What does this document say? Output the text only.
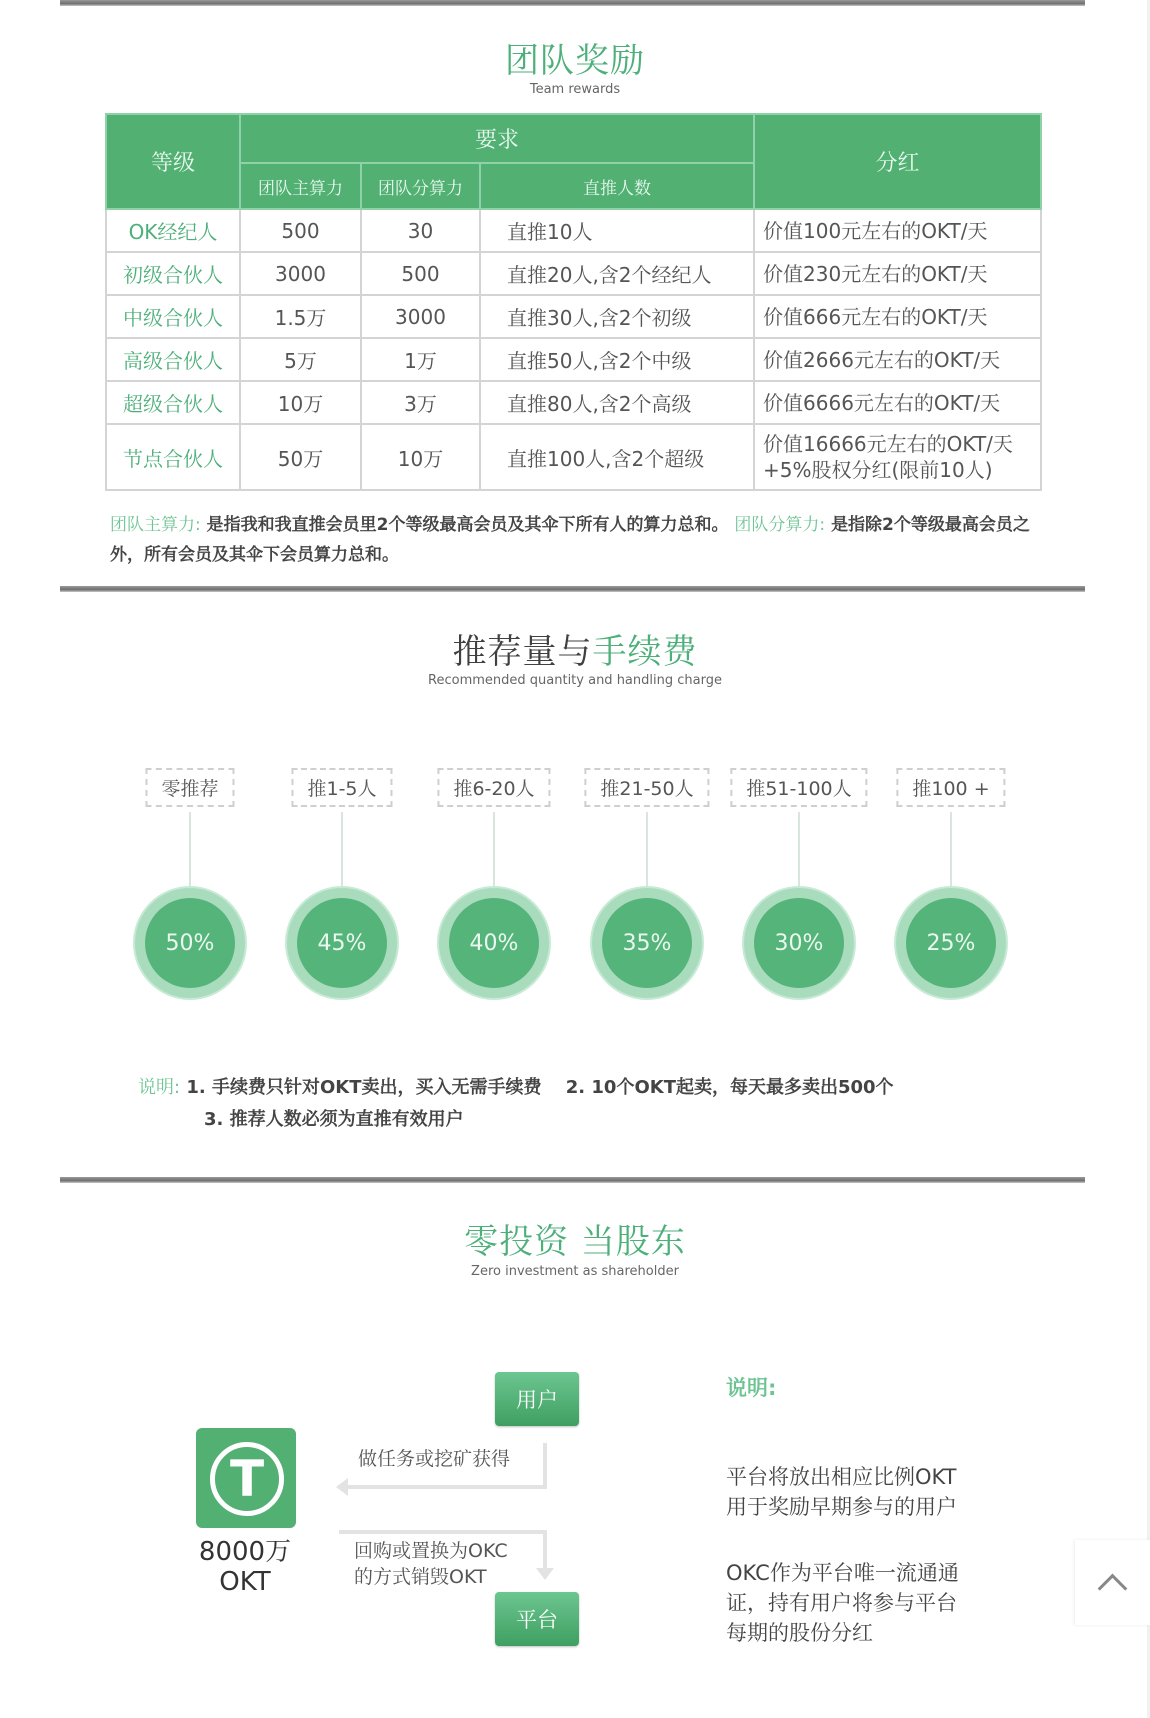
团队奖励
Team rewards
等级	要求			分红
	团队主算力	团队分算力	直推人数	
OK经纪人	500	30	直推10人	价值100元左右的OKT/天
初级合伙人	3000	500	直推20人,含2个经纪人	价值230元左右的OKT/天
中级合伙人	1.5万	3000	直推30人,含2个初级	价值666元左右的OKT/天
高级合伙人	5万	1万	直推50人,含2个中级	价值2666元左右的OKT/天
超级合伙人	10万	3万	直推80人,含2个高级	价值6666元左右的OKT/天
节点合伙人	50万	10万	直推100人,含2个超级	价值16666元左右的OKT/天
+5%股权分红(限前10人)
团队主算力: 是指我和我直推会员里2个等级最高会员及其伞下所有人的算力总和。 团队分算力: 是指除2个等级最高会员之外，所有会员及其伞下会员算力总和。
推荐量与手续费
Recommended quantity and handling charge
零推荐
50%
推1-5人
45%
推6-20人
40%
推21-50人
35%
推51-100人
30%
推100 +
25%
说明: 1. 手续费只针对OKT卖出，买入无需手续费　 2. 10个OKT起卖，每天最多卖出500个
3. 推荐人数必须为直推有效用户
零投资 当股东
Zero investment as shareholder
T
8000万
OKT
用户
平台
做任务或挖矿获得
回购或置换为OKC
的方式销毁OKT
说明:
平台将放出相应比例OKT
用于奖励早期参与的用户
OKC作为平台唯一流通通
证，持有用户将参与平台
每期的股份分红
